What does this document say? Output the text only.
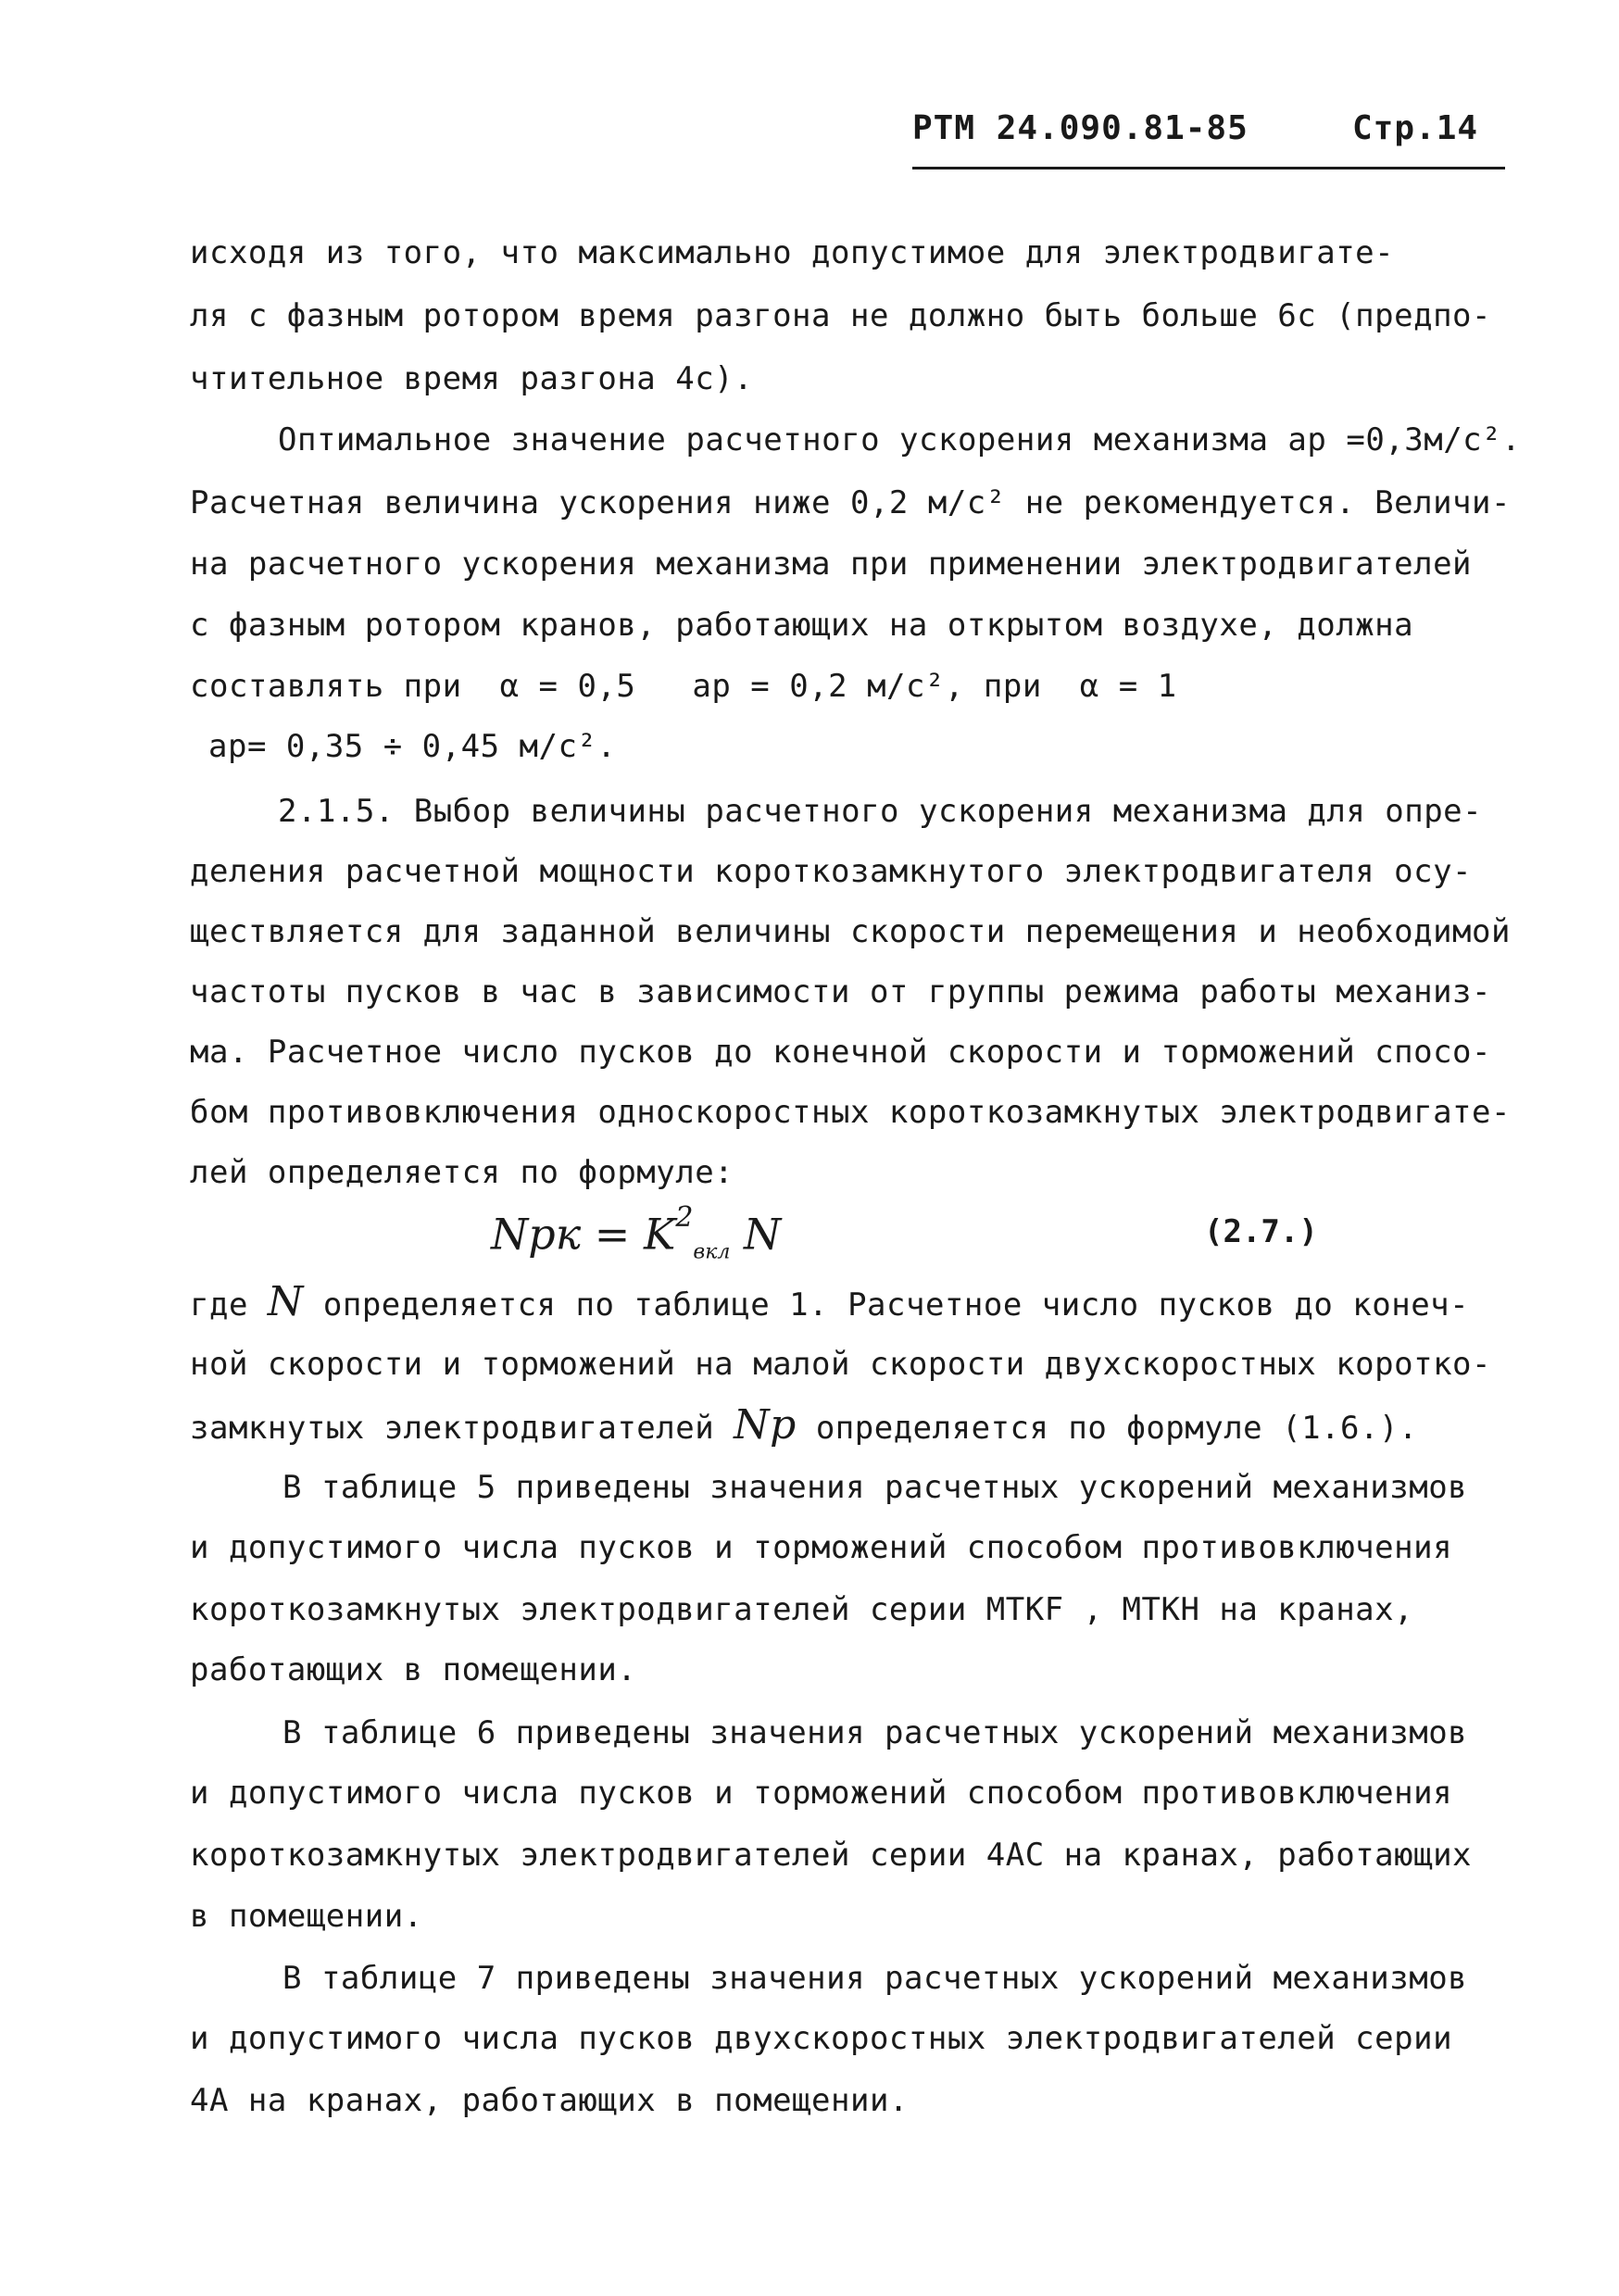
РТМ 24.090.81-85	Стр.14
исходя из того, что максимально допустимое для электродвигате-
ля с фазным ротором время разгона не должно быть больше 6с (предпо-
чтительное время разгона 4с).
Оптимальное значение расчетного ускорения механизма aр =0,3м/с².
Расчетная величина ускорения ниже 0,2 м/с² не рекомендуется. Величи-
на расчетного ускорения механизма при применении электродвигателей
с фазным ротором кранов, работающих на открытом воздухе, должна
составлять при α = 0,5 aр = 0,2 м/с², при α = 1
aр= 0,35 ÷ 0,45 м/с².
2.1.5. Выбор величины расчетного ускорения механизма для опре-
деления расчетной мощности короткозамкнутого электродвигателя осу-
ществляется для заданной величины скорости перемещения и необходимой
частоты пусков в час в зависимости от группы режима работы механиз-
ма. Расчетное число пусков до конечной скорости и торможений спосо-
бом противовключения односкоростных короткозамкнутых электродвигате-
лей определяется по формуле:
Nрк = $K^2_{вкл}$ N	(2.7.)
где N определяется по таблице 1. Расчетное число пусков до конеч-
ной скорости и торможений на малой скорости двухскоростных коротко-
замкнутых электродвигателей Nр определяется по формуле (1.6.).
В таблице 5 приведены значения расчетных ускорений механизмов
и допустимого числа пусков и торможений способом противовключения
короткозамкнутых электродвигателей серии MTKF , MTKH на кранах,
работающих в помещении.
В таблице 6 приведены значения расчетных ускорений механизмов
и допустимого числа пусков и торможений способом противовключения
короткозамкнутых электродвигателей серии 4АС на кранах, работающих
в помещении.
В таблице 7 приведены значения расчетных ускорений механизмов
и допустимого числа пусков двухскоростных электродвигателей серии
4А на кранах, работающих в помещении.
